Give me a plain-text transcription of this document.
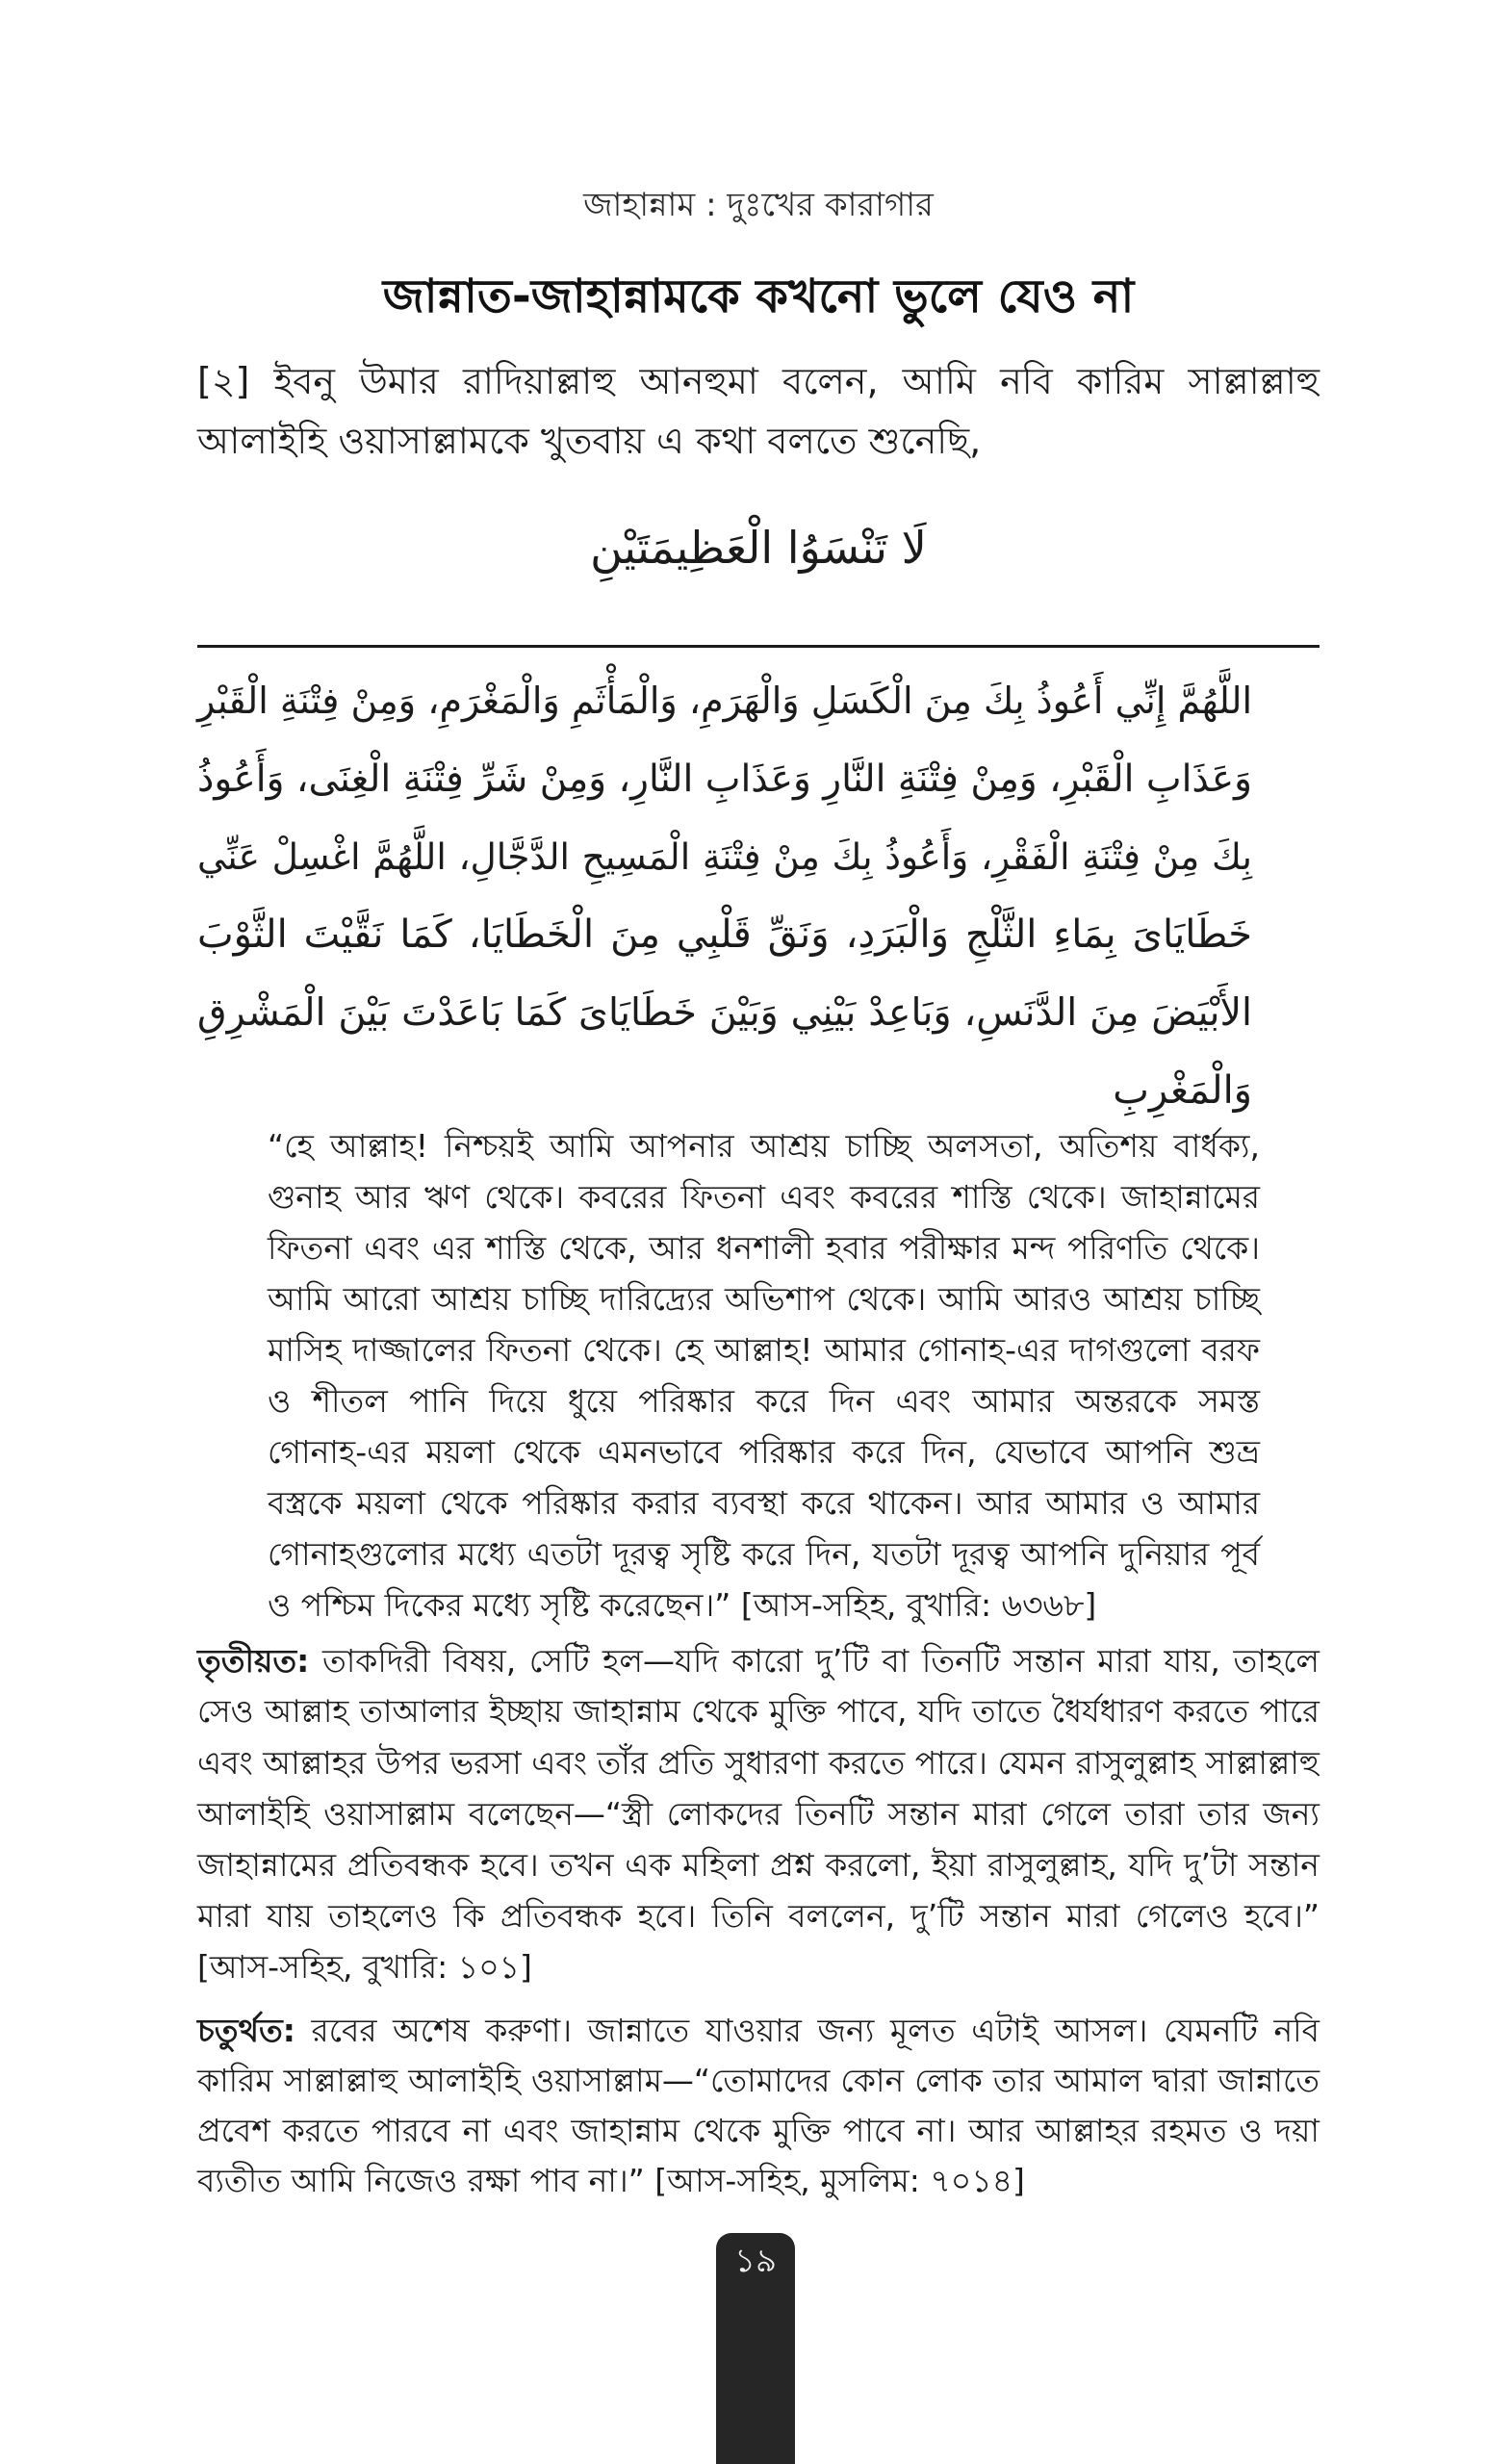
জাহান্নাম : দুঃখের কারাগার
জান্নাত-জাহান্নামকে কখনো ভুলে যেও না
[২] ইবনু উমার রাদিয়াল্লাহু আনহুমা বলেন, আমি নবি কারিম সাল্লাল্লাহু
আলাইহি ওয়াসাল্লামকে খুতবায় এ কথা বলতে শুনেছি,
لَا تَنْسَوُا الْعَظِيمَتَيْنِ
اللَّهُمَّ إِنِّي أَعُوذُ بِكَ مِنَ الْكَسَلِ وَالْهَرَمِ، وَالْمَأْثَمِ وَالْمَغْرَمِ، وَمِنْ فِتْنَةِ الْقَبْرِ
وَعَذَابِ الْقَبْرِ، وَمِنْ فِتْنَةِ النَّارِ وَعَذَابِ النَّارِ، وَمِنْ شَرِّ فِتْنَةِ الْغِنَى، وَأَعُوذُ
بِكَ مِنْ فِتْنَةِ الْفَقْرِ، وَأَعُوذُ بِكَ مِنْ فِتْنَةِ الْمَسِيحِ الدَّجَّالِ، اللَّهُمَّ اغْسِلْ عَنِّي
خَطَايَاىَ بِمَاءِ الثَّلْجِ وَالْبَرَدِ، وَنَقِّ قَلْبِي مِنَ الْخَطَايَا، كَمَا نَقَّيْتَ الثَّوْبَ
الأَبْيَضَ مِنَ الدَّنَسِ، وَبَاعِدْ بَيْنِي وَبَيْنَ خَطَايَاىَ كَمَا بَاعَدْتَ بَيْنَ الْمَشْرِقِ
وَالْمَغْرِبِ
“হে আল্লাহ! নিশ্চয়ই আমি আপনার আশ্রয় চাচ্ছি অলসতা, অতিশয় বার্ধক্য,
গুনাহ আর ঋণ থেকে। কবরের ফিতনা এবং কবরের শাস্তি থেকে। জাহান্নামের
ফিতনা এবং এর শাস্তি থেকে, আর ধনশালী হবার পরীক্ষার মন্দ পরিণতি থেকে।
আমি আরো আশ্রয় চাচ্ছি দারিদ্র্যের অভিশাপ থেকে। আমি আরও আশ্রয় চাচ্ছি
মাসিহ দাজ্জালের ফিতনা থেকে। হে আল্লাহ! আমার গোনাহ-এর দাগগুলো বরফ
ও শীতল পানি দিয়ে ধুয়ে পরিষ্কার করে দিন এবং আমার অন্তরকে সমস্ত
গোনাহ-এর ময়লা থেকে এমনভাবে পরিষ্কার করে দিন, যেভাবে আপনি শুভ্র
বস্ত্রকে ময়লা থেকে পরিষ্কার করার ব্যবস্থা করে থাকেন। আর আমার ও আমার
গোনাহগুলোর মধ্যে এতটা দূরত্ব সৃষ্টি করে দিন, যতটা দূরত্ব আপনি দুনিয়ার পূর্ব
ও পশ্চিম দিকের মধ্যে সৃষ্টি করেছেন।” [আস-সহিহ, বুখারি: ৬৩৬৮]
তৃতীয়ত: তাকদিরী বিষয়, সেটি হল—যদি কারো দু’টি বা তিনটি সন্তান মারা যায়, তাহলে
সেও আল্লাহ তাআলার ইচ্ছায় জাহান্নাম থেকে মুক্তি পাবে, যদি তাতে ধৈর্যধারণ করতে পারে
এবং আল্লাহর উপর ভরসা এবং তাঁর প্রতি সুধারণা করতে পারে। যেমন রাসুলুল্লাহ সাল্লাল্লাহু
আলাইহি ওয়াসাল্লাম বলেছেন—“স্ত্রী লোকদের তিনটি সন্তান মারা গেলে তারা তার জন্য
জাহান্নামের প্রতিবন্ধক হবে। তখন এক মহিলা প্রশ্ন করলো, ইয়া রাসুলুল্লাহ, যদি দু’টা সন্তান
মারা যায় তাহলেও কি প্রতিবন্ধক হবে। তিনি বললেন, দু’টি সন্তান মারা গেলেও হবে।”
[আস-সহিহ, বুখারি: ১০১]
চতুর্থত: রবের অশেষ করুণা। জান্নাতে যাওয়ার জন্য মূলত এটাই আসল। যেমনটি নবি
কারিম সাল্লাল্লাহু আলাইহি ওয়াসাল্লাম—“তোমাদের কোন লোক তার আমাল দ্বারা জান্নাতে
প্রবেশ করতে পারবে না এবং জাহান্নাম থেকে মুক্তি পাবে না। আর আল্লাহর রহমত ও দয়া
ব্যতীত আমি নিজেও রক্ষা পাব না।” [আস-সহিহ, মুসলিম: ৭০১৪]
১৯
